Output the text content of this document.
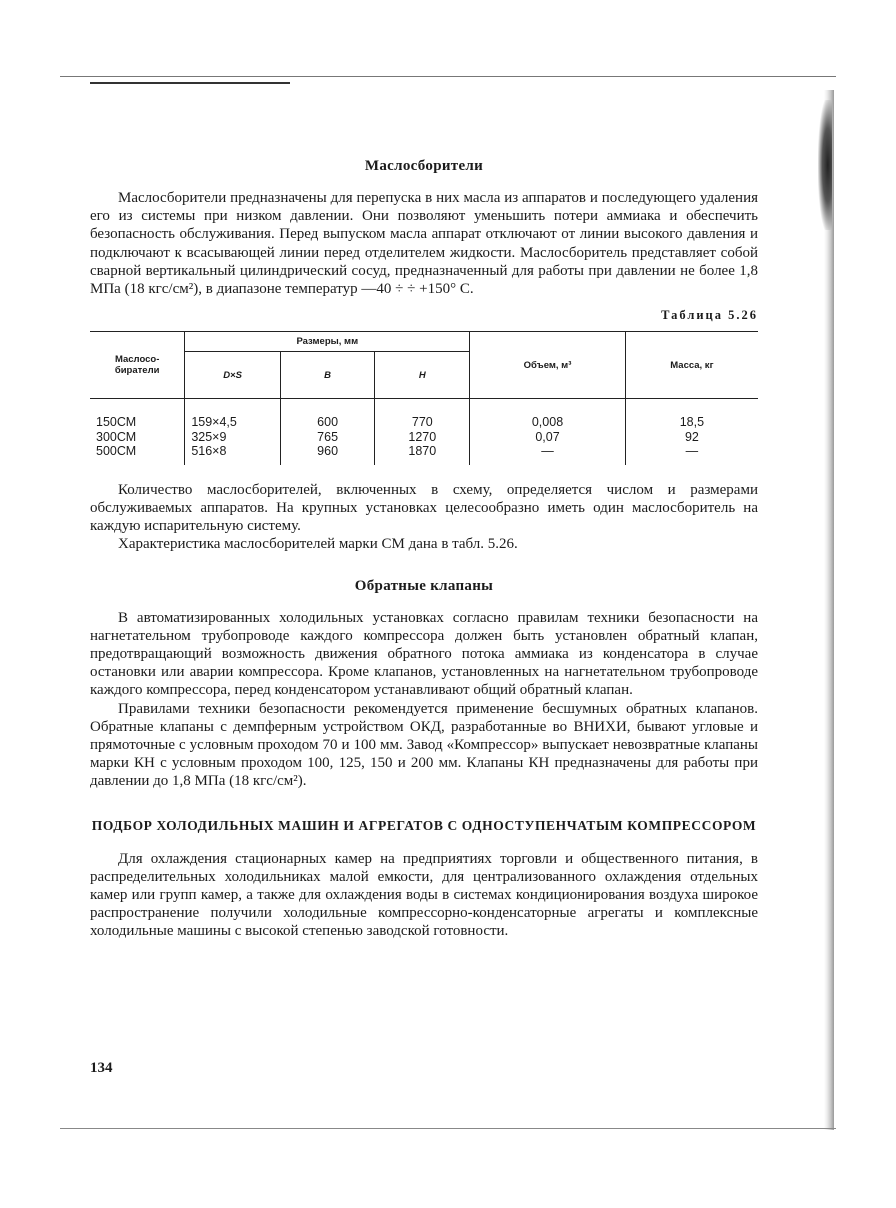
Маслосборители

Маслосборители предназначены для перепуска в них масла из аппаратов и последующего удаления его из системы при низком давлении. Они позволяют уменьшить потери аммиака и обеспечить безопасность обслуживания. Перед выпуском масла аппарат отключают от линии высокого давления и подключают к всасывающей линии перед отделителем жидкости. Маслосборитель представляет собой сварной вертикальный цилиндрический сосуд, предназначенный для работы при давлении не более 1,8 МПа (18 кгс/см²), в диапазоне температур —40 ÷ ÷ +150° С.

Таблица 5.26
Маслосо-
биратели	Размеры, мм			Объем, м³	Масса, кг
	D×S	B	H		
150СМ	159×4,5	600	770	0,008	18,5
300СМ	325×9	765	1270	0,07	92
500СМ	516×8	960	1870	—	—

Количество маслосборителей, включенных в схему, определяется числом и размерами обслуживаемых аппаратов. На крупных установках целесообразно иметь один маслосборитель на каждую испарительную систему.

Характеристика маслосборителей марки СМ дана в табл. 5.26.

Обратные клапаны

В автоматизированных холодильных установках согласно правилам техники безопасности на нагнетательном трубопроводе каждого компрессора должен быть установлен обратный клапан, предотвращающий возможность движения обратного потока аммиака из конденсатора в случае остановки или аварии компрессора. Кроме клапанов, установленных на нагнетательном трубопроводе каждого компрессора, перед конденсатором устанавливают общий обратный клапан.

Правилами техники безопасности рекомендуется применение бесшумных обратных клапанов. Обратные клапаны с демпферным устройством ОКД, разработанные во ВНИХИ, бывают угловые и прямоточные с условным проходом 70 и 100 мм. Завод «Компрессор» выпускает невозвратные клапаны марки КН с условным проходом 100, 125, 150 и 200 мм. Клапаны КН предназначены для работы при давлении до 1,8 МПа (18 кгс/см²).

ПОДБОР ХОЛОДИЛЬНЫХ МАШИН И АГРЕГАТОВ С ОДНОСТУПЕНЧАТЫМ КОМПРЕССОРОМ

Для охлаждения стационарных камер на предприятиях торговли и общественного питания, в распределительных холодильниках малой емкости, для централизованного охлаждения отдельных камер или групп камер, а также для охлаждения воды в системах кондиционирования воздуха широкое распространение получили холодильные компрессорно-конденсаторные агрегаты и комплексные холодильные машины с высокой степенью заводской готовности.

134
